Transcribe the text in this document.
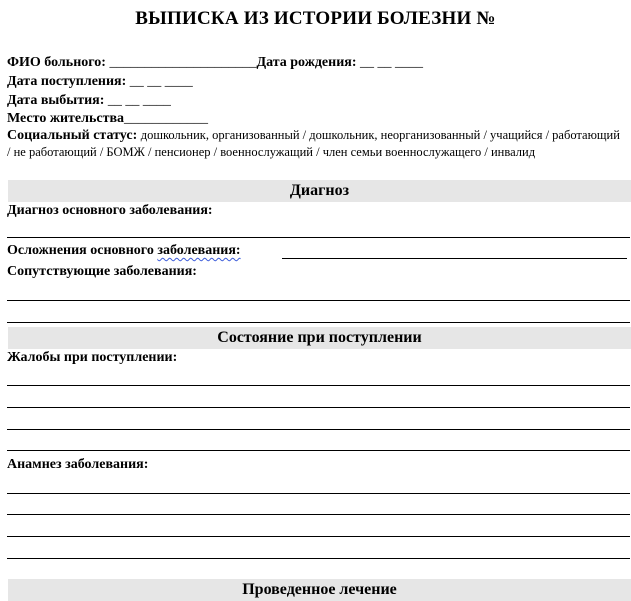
ВЫПИСКА ИЗ ИСТОРИИ БОЛЕЗНИ №
ФИО больного: _____________________Дата рождения: __ __ ____
Дата поступления: __ __ ____
Дата выбытия: __ __ ____
Место жительства____________
Социальный статус: дошкольник, организованный / дошкольник, неорганизованный / учащийся / работающий / не работающий / БОМЖ / пенсионер / военнослужащий / член семьи военнослужащего / инвалид
Диагноз
Диагноз основного заболевания:
Осложнения основного заболевания:
Сопутствующие заболевания:
Состояние при поступлении
Жалобы при поступлении:
Анамнез заболевания:
Проведенное лечение
